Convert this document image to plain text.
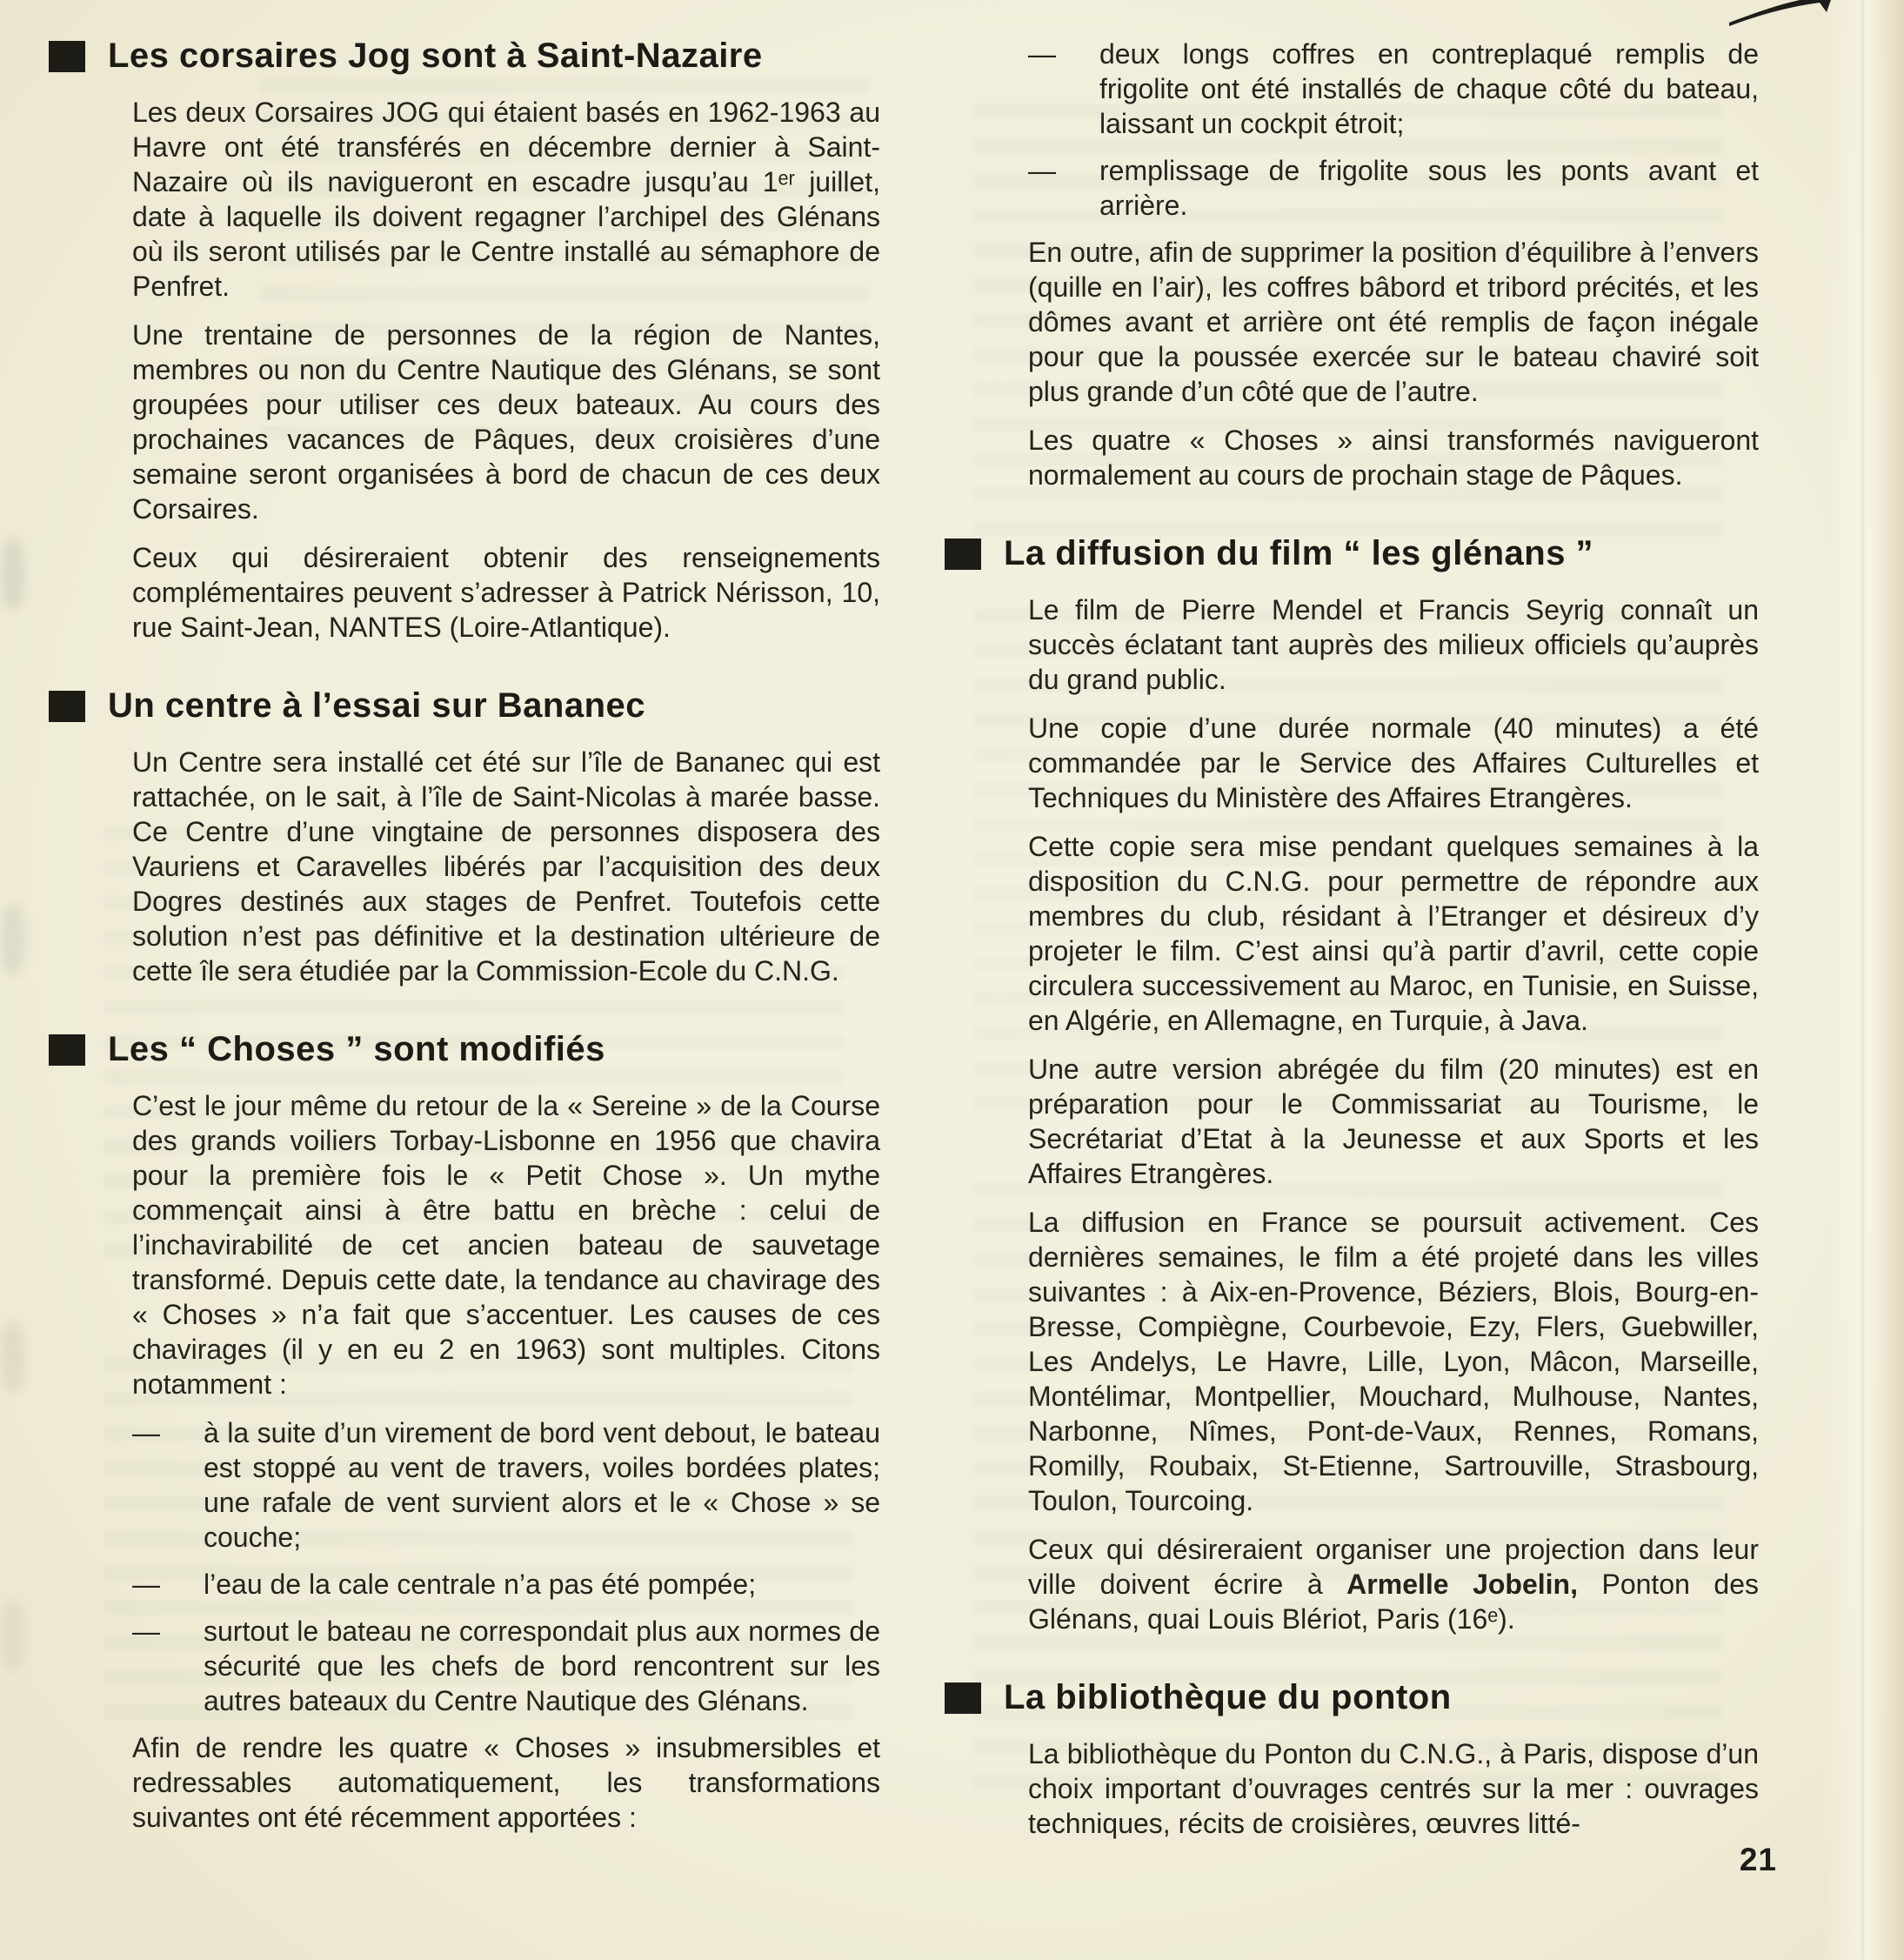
Les corsaires Jog sont à Saint-Nazaire

Les deux Corsaires JOG qui étaient basés en 1962-1963 au Havre ont été transférés en décembre dernier à Saint-Nazaire où ils navigueront en escadre jusqu’au 1ᵉʳ juillet, date à laquelle ils doivent regagner l’archipel des Glénans où ils seront utilisés par le Centre installé au sémaphore de Penfret.

Une trentaine de personnes de la région de Nantes, membres ou non du Centre Nautique des Glénans, se sont groupées pour utiliser ces deux bateaux. Au cours des prochaines vacances de Pâques, deux croisières d’une semaine seront organisées à bord de chacun de ces deux Corsaires.

Ceux qui désireraient obtenir des renseignements complémentaires peuvent s’adresser à Patrick Nérisson, 10, rue Saint-Jean, NANTES (Loire-Atlantique).

Un centre à l’essai sur Bananec

Un Centre sera installé cet été sur l’île de Bananec qui est rattachée, on le sait, à l’île de Saint-Nicolas à marée basse. Ce Centre d’une vingtaine de personnes disposera des Vauriens et Caravelles libérés par l’acquisition des deux Dogres destinés aux stages de Penfret. Toutefois cette solution n’est pas définitive et la destination ultérieure de cette île sera étudiée par la Commission-Ecole du C.N.G.

Les “ Choses ” sont modifiés

C’est le jour même du retour de la « Sereine » de la Course des grands voiliers Torbay-Lisbonne en 1956 que chavira pour la première fois le « Petit Chose ». Un mythe commençait ainsi à être battu en brèche : celui de l’inchavirabilité de cet ancien bateau de sauvetage transformé. Depuis cette date, la tendance au chavirage des « Choses » n’a fait que s’accentuer. Les causes de ces chavirages (il y en eu 2 en 1963) sont multiples. Citons notamment :

— à la suite d’un virement de bord vent debout, le bateau est stoppé au vent de travers, voiles bordées plates; une rafale de vent survient alors et le « Chose » se couche;
— l’eau de la cale centrale n’a pas été pompée;
— surtout le bateau ne correspondait plus aux normes de sécurité que les chefs de bord rencontrent sur les autres bateaux du Centre Nautique des Glénans.

Afin de rendre les quatre « Choses » insubmersibles et redressables automatiquement, les transformations suivantes ont été récemment apportées :

— deux longs coffres en contreplaqué remplis de frigolite ont été installés de chaque côté du bateau, laissant un cockpit étroit;
— remplissage de frigolite sous les ponts avant et arrière.

En outre, afin de supprimer la position d’équilibre à l’envers (quille en l’air), les coffres bâbord et tribord précités, et les dômes avant et arrière ont été remplis de façon inégale pour que la poussée exercée sur le bateau chaviré soit plus grande d’un côté que de l’autre.

Les quatre « Choses » ainsi transformés navigueront normalement au cours de prochain stage de Pâques.

La diffusion du film “ les glénans ”

Le film de Pierre Mendel et Francis Seyrig connaît un succès éclatant tant auprès des milieux officiels qu’auprès du grand public.

Une copie d’une durée normale (40 minutes) a été commandée par le Service des Affaires Culturelles et Techniques du Ministère des Affaires Etrangères.

Cette copie sera mise pendant quelques semaines à la disposition du C.N.G. pour permettre de répondre aux membres du club, résidant à l’Etranger et désireux d’y projeter le film. C’est ainsi qu’à partir d’avril, cette copie circulera successivement au Maroc, en Tunisie, en Suisse, en Algérie, en Allemagne, en Turquie, à Java.

Une autre version abrégée du film (20 minutes) est en préparation pour le Commissariat au Tourisme, le Secrétariat d’Etat à la Jeunesse et aux Sports et les Affaires Etrangères.

La diffusion en France se poursuit activement. Ces dernières semaines, le film a été projeté dans les villes suivantes : à Aix-en-Provence, Béziers, Blois, Bourg-en-Bresse, Compiègne, Courbevoie, Ezy, Flers, Guebwiller, Les Andelys, Le Havre, Lille, Lyon, Mâcon, Marseille, Montélimar, Montpellier, Mouchard, Mulhouse, Nantes, Narbonne, Nîmes, Pont-de-Vaux, Rennes, Romans, Romilly, Roubaix, St-Etienne, Sartrouville, Strasbourg, Toulon, Tourcoing.

Ceux qui désireraient organiser une projection dans leur ville doivent écrire à Armelle Jobelin, Ponton des Glénans, quai Louis Blériot, Paris (16ᵉ).

La bibliothèque du ponton

La bibliothèque du Ponton du C.N.G., à Paris, dispose d’un choix important d’ouvrages centrés sur la mer : ouvrages techniques, récits de croisières, œuvres litté-

21
